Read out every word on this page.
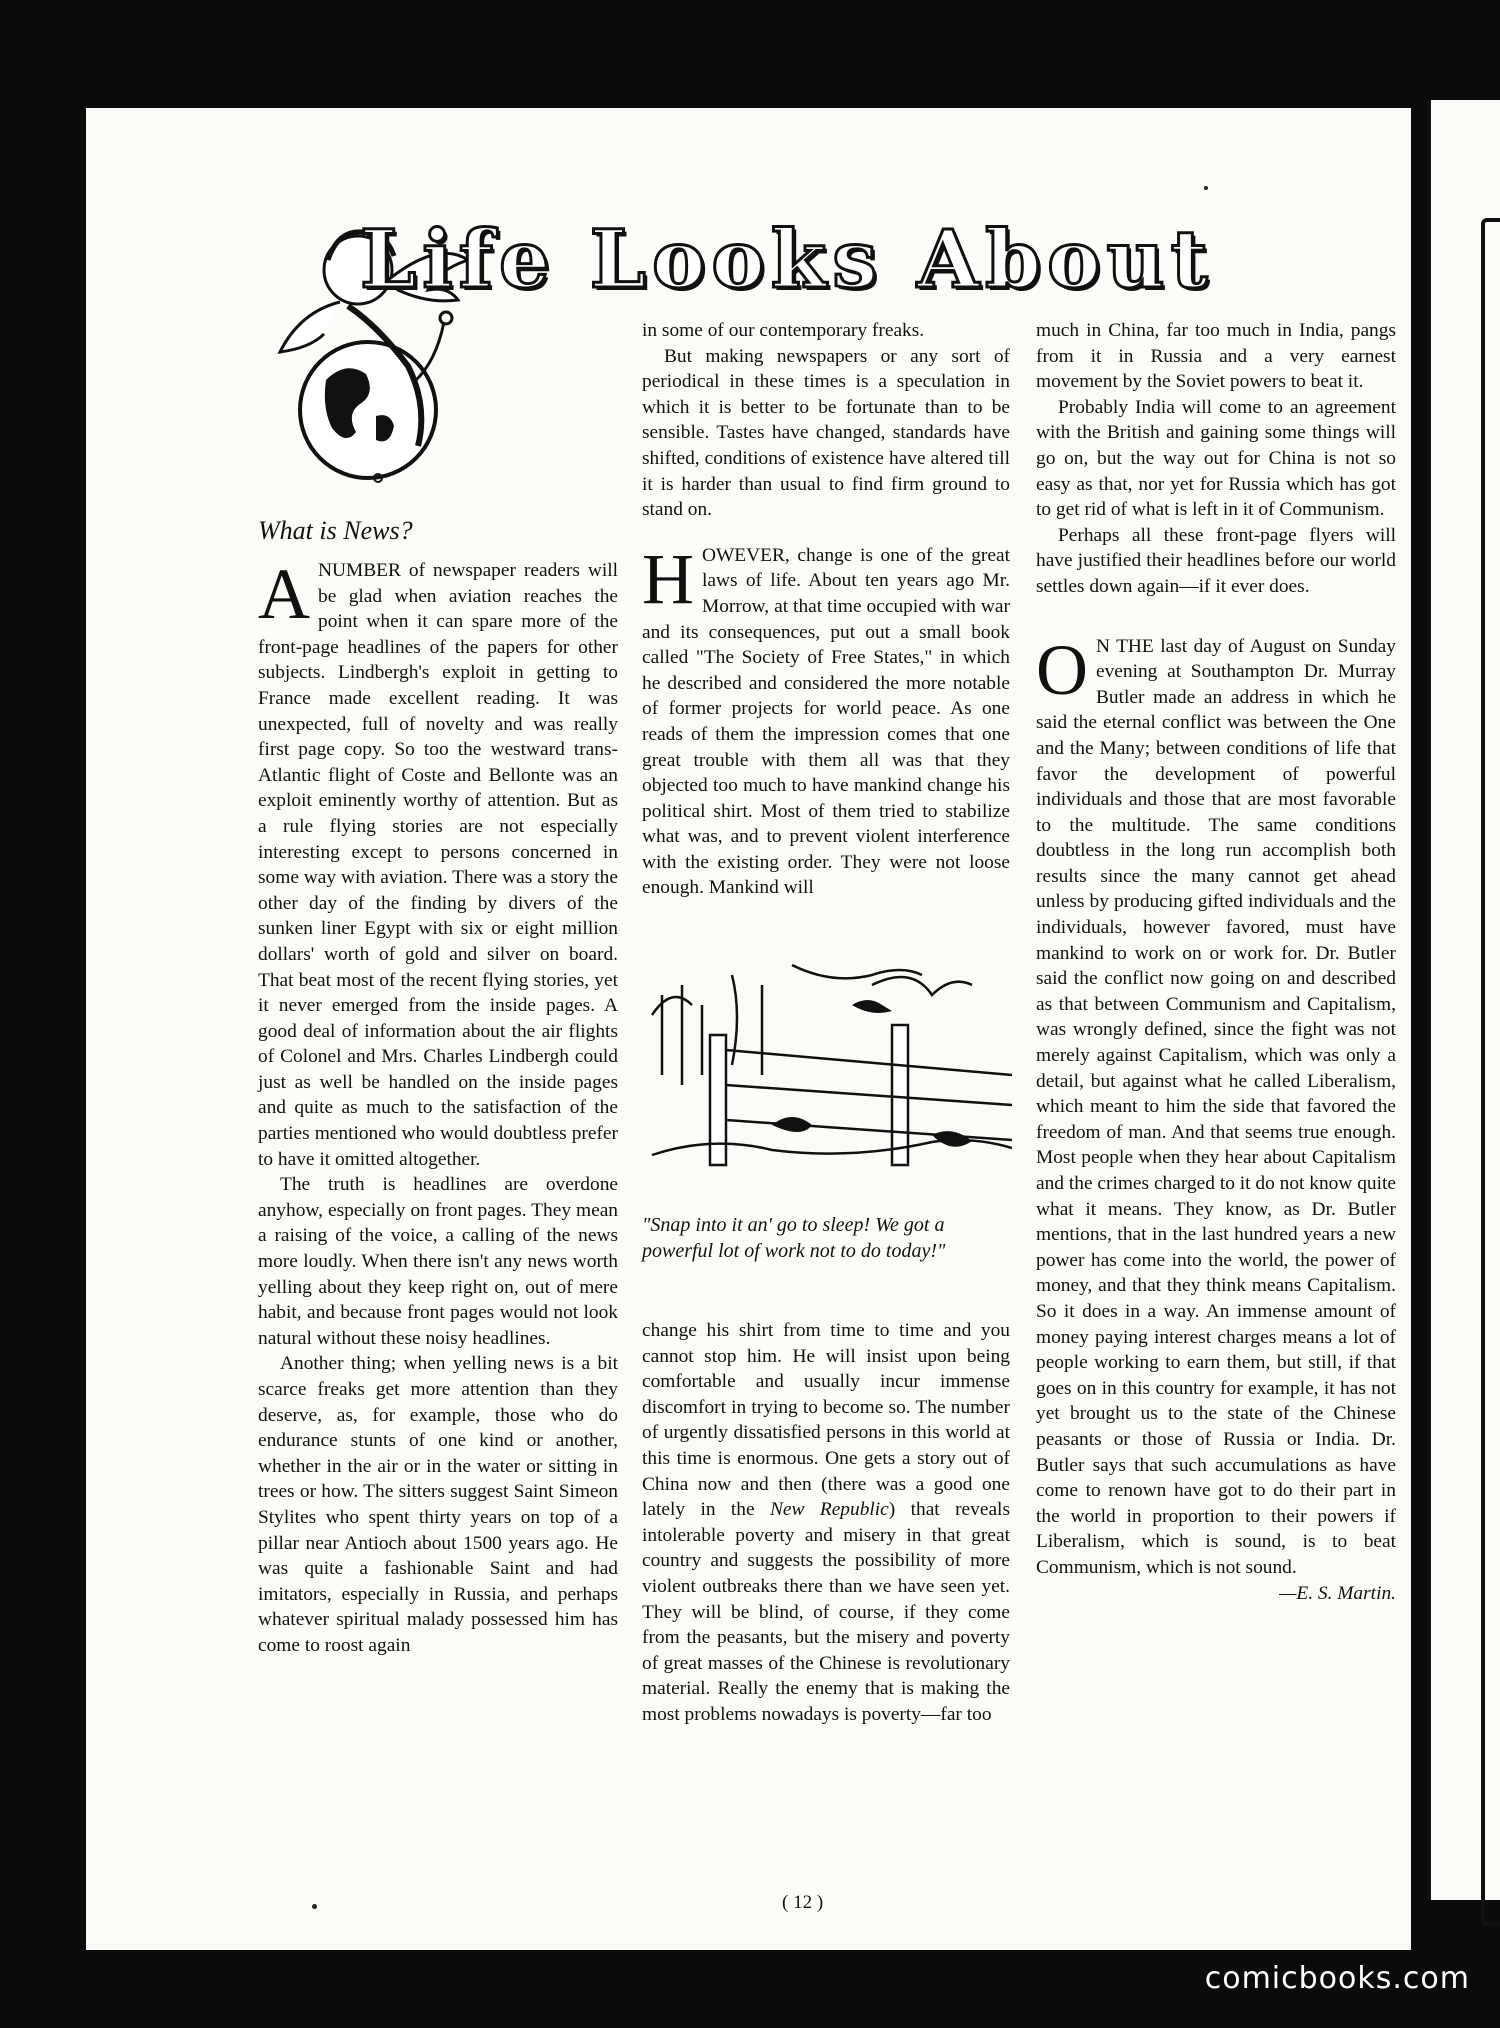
Life Looks About
What is News?

ANUMBER of newspaper readers will be glad when aviation reaches the point when it can spare more of the front-page headlines of the papers for other subjects. Lindbergh's exploit in getting to France made excellent reading. It was unexpected, full of novelty and was really first page copy. So too the westward trans-Atlantic flight of Coste and Bellonte was an exploit eminently worthy of attention. But as a rule flying stories are not especially interesting except to persons concerned in some way with aviation. There was a story the other day of the finding by divers of the sunken liner Egypt with six or eight million dollars' worth of gold and silver on board. That beat most of the recent flying stories, yet it never emerged from the inside pages. A good deal of information about the air flights of Colonel and Mrs. Charles Lindbergh could just as well be handled on the inside pages and quite as much to the satisfaction of the parties mentioned who would doubtless prefer to have it omitted altogether.

The truth is headlines are overdone anyhow, especially on front pages. They mean a raising of the voice, a calling of the news more loudly. When there isn't any news worth yelling about they keep right on, out of mere habit, and because front pages would not look natural without these noisy headlines.

Another thing; when yelling news is a bit scarce freaks get more attention than they deserve, as, for example, those who do endurance stunts of one kind or another, whether in the air or in the water or sitting in trees or how. The sitters suggest Saint Simeon Stylites who spent thirty years on top of a pillar near Antioch about 1500 years ago. He was quite a fashionable Saint and had imitators, especially in Russia, and perhaps whatever spiritual malady possessed him has come to roost again

in some of our contemporary freaks.

But making newspapers or any sort of periodical in these times is a speculation in which it is better to be fortunate than to be sensible. Tastes have changed, standards have shifted, conditions of existence have altered till it is harder than usual to find firm ground to stand on.

HOWEVER, change is one of the great laws of life. About ten years ago Mr. Morrow, at that time occupied with war and its consequences, put out a small book called "The Society of Free States," in which he described and considered the more notable of former projects for world peace. As one reads of them the impression comes that one great trouble with them all was that they objected too much to have mankind change his political shirt. Most of them tried to stabilize what was, and to prevent violent interference with the existing order. They were not loose enough. Mankind will

"Snap into it an' go to sleep! We got a powerful lot of work not to do today!"

change his shirt from time to time and you cannot stop him. He will insist upon being comfortable and usually incur immense discomfort in trying to become so. The number of urgently dissatisfied persons in this world at this time is enormous. One gets a story out of China now and then (there was a good one lately in the New Republic) that reveals intolerable poverty and misery in that great country and suggests the possibility of more violent outbreaks there than we have seen yet. They will be blind, of course, if they come from the peasants, but the misery and poverty of great masses of the Chinese is revolutionary material. Really the enemy that is making the most problems nowadays is poverty—far too

much in China, far too much in India, pangs from it in Russia and a very earnest movement by the Soviet powers to beat it.

Probably India will come to an agreement with the British and gaining some things will go on, but the way out for China is not so easy as that, nor yet for Russia which has got to get rid of what is left in it of Communism.

Perhaps all these front-page flyers will have justified their headlines before our world settles down again—if it ever does.

O N THE last day of August on Sunday evening at Southampton Dr. Murray Butler made an address in which he said the eternal conflict was between the One and the Many; between conditions of life that favor the development of powerful individuals and those that are most favorable to the multitude. The same conditions doubtless in the long run accomplish both results since the many cannot get ahead unless by producing gifted individuals and the individuals, however favored, must have mankind to work on or work for. Dr. Butler said the conflict now going on and described as that between Communism and Capitalism, was wrongly defined, since the fight was not merely against Capitalism, which was only a detail, but against what he called Liberalism, which meant to him the side that favored the freedom of man. And that seems true enough. Most people when they hear about Capitalism and the crimes charged to it do not know quite what it means. They know, as Dr. Butler mentions, that in the last hundred years a new power has come into the world, the power of money, and that they think means Capitalism. So it does in a way. An immense amount of money paying interest charges means a lot of people working to earn them, but still, if that goes on in this country for example, it has not yet brought us to the state of the Chinese peasants or those of Russia or India. Dr. Butler says that such accumulations as have come to renown have got to do their part in the world in proportion to their powers if Liberalism, which is sound, is to beat Communism, which is not sound.

—E. S. Martin.
( 12 )
comicbooks.com
